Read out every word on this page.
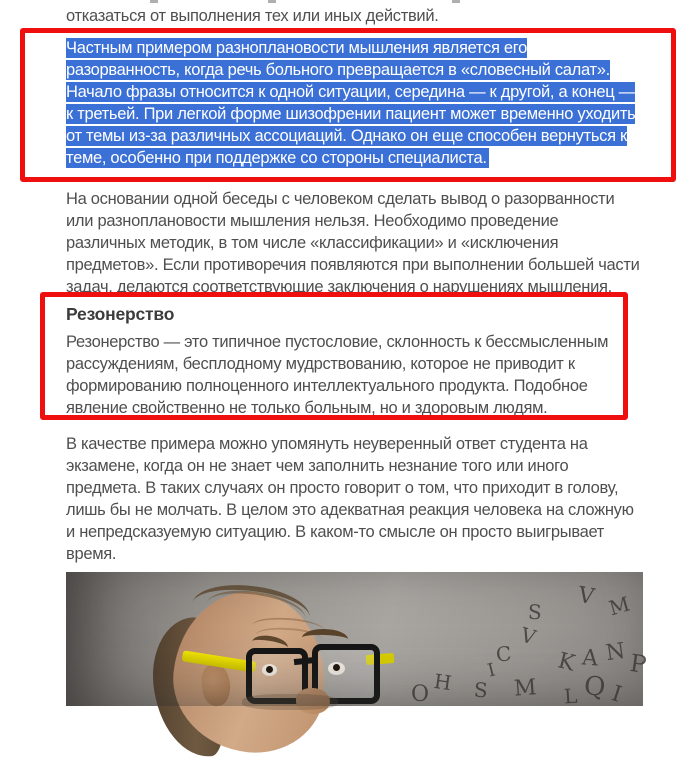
отказаться от выполнения тех или иных действий.

Частным примером разноплановости мышления является его разорванность, когда речь больного превращается в «словесный салат». Начало фразы относится к одной ситуации, середина — к другой, а конец — к третьей. При легкой форме шизофрении пациент может временно уходить от темы из-за различных ассоциаций. Однако он еще способен вернуться к теме, особенно при поддержке со стороны специалиста.

На основании одной беседы с человеком сделать вывод о разорванности или разноплановости мышления нельзя. Необходимо проведение различных методик, в том числе «классификации» и «исключения предметов». Если противоречия появляются при выполнении большей части задач, делаются соответствующие заключения о нарушениях мышления.

Резонерство

Резонерство — это типичное пустословие, склонность к бессмысленным рассуждениям, бесплодному мудрствованию, которое не приводит к формированию полноценного интеллектуального продукта. Подобное явление свойственно не только больным, но и здоровым людям.

В качестве примера можно упомянуть неуверенный ответ студента на экзамене, когда он не знает чем заполнить незнание того или иного предмета. В таких случаях он просто говорит о том, что приходит в голову, лишь бы не молчать. В целом это адекватная реакция человека на сложную и непредсказуемую ситуацию. В каком-то смысле он просто выигрывает время.

O H S
I
C
M
V
S
K A
V
N
M
P
Q
L I
